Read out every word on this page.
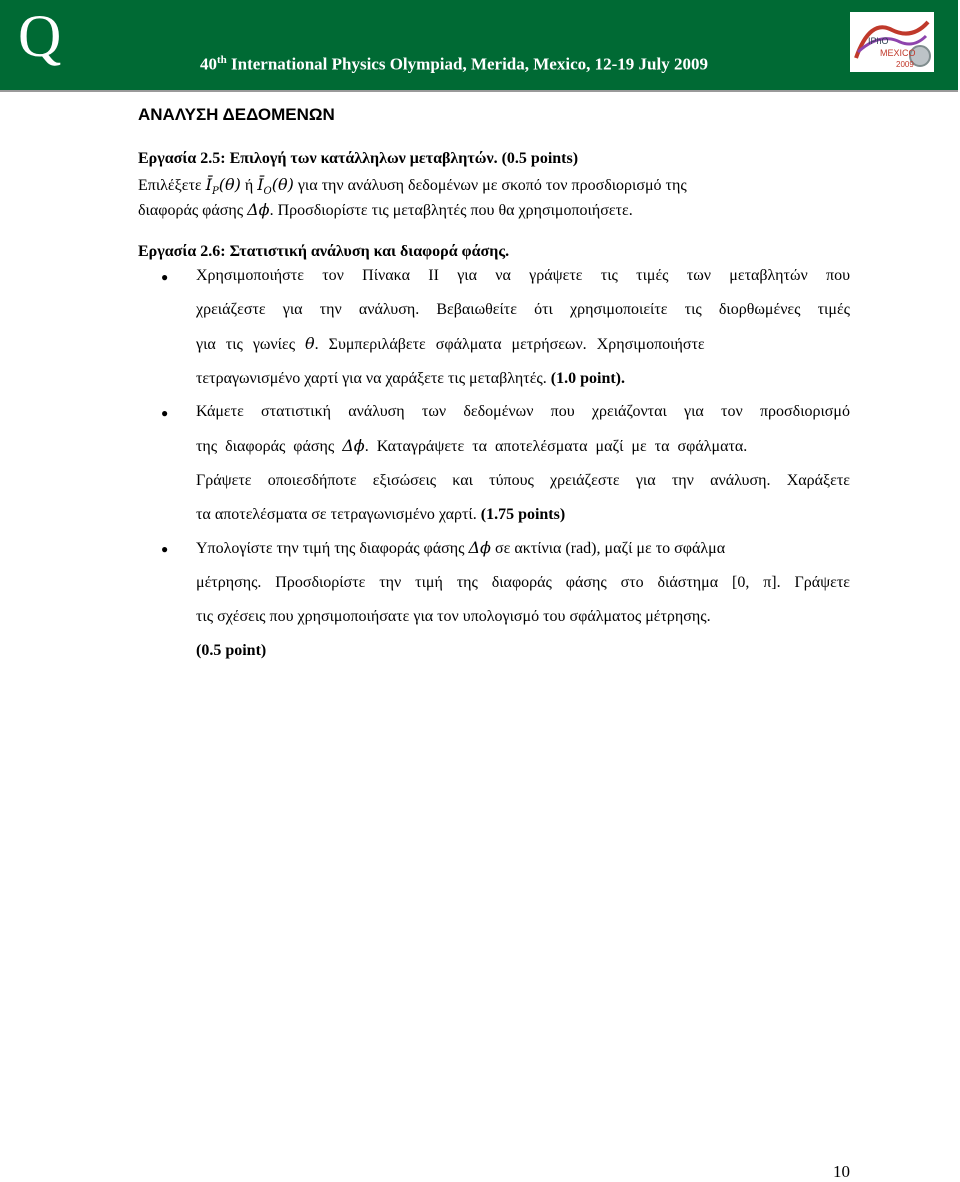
Q	40th International Physics Olympiad, Merida, Mexico, 12-19 July 2009
IPhO
MEXICO
2009
ΑΝΑΛΥΣΗ ΔΕΔΟΜΕΝΩΝ
Εργασία 2.5: Επιλογή των κατάλληλων μεταβλητών. (0.5 points)
Επιλέξετε $Ī_P(\theta)$ ή $Ī_O(\theta)$ για την ανάλυση δεδομένων με σκοπό τον προσδιορισμό της
διαφοράς φάσης Δϕ. Προσδιορίστε τις μεταβλητές που θα χρησιμοποιήσετε.
Εργασία 2.6: Στατιστική ανάλυση και διαφορά φάσης.
● Χρησιμοποιήστε τον Πίνακα ΙΙ για να γράψετε τις τιμές των μεταβλητών που
χρειάζεστε για την ανάλυση. Βεβαιωθείτε ότι χρησιμοποιείτε τις διορθωμένες τιμές
για τις γωνίες θ. Συμπεριλάβετε σφάλματα μετρήσεων. Χρησιμοποιήστε
τετραγωνισμένο χαρτί για να χαράξετε τις μεταβλητές. (1.0 point).
● Κάμετε στατιστική ανάλυση των δεδομένων που χρειάζονται για τον προσδιορισμό
της διαφοράς φάσης Δϕ. Καταγράψετε τα αποτελέσματα μαζί με τα σφάλματα.
Γράψετε οποιεσδήποτε εξισώσεις και τύπους χρειάζεστε για την ανάλυση. Χαράξετε
τα αποτελέσματα σε τετραγωνισμένο χαρτί. (1.75 points)
● Υπολογίστε την τιμή της διαφοράς φάσης Δϕ σε ακτίνια (rad), μαζί με το σφάλμα
μέτρησης. Προσδιορίστε την τιμή της διαφοράς φάσης στο διάστημα [0, π]. Γράψετε
τις σχέσεις που χρησιμοποιήσατε για τον υπολογισμό του σφάλματος μέτρησης.
(0.5 point)
10
